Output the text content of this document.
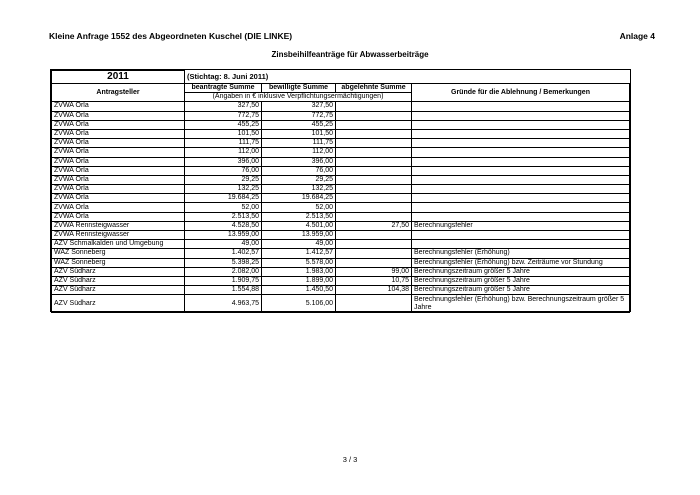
Kleine Anfrage 1552 des Abgeordneten Kuschel (DIE LINKE)	Anlage 4
Zinsbeihilfeanträge für Abwasserbeiträge
2011	(Stichtag: 8. Juni 2011)			
Antragsteller	beantragte Summe	bewilligte Summe	abgelehnte Summe	Gründe für die Ablehnung / Bemerkungen
	(Angaben in € inklusive Verpflichtungsermächtigungen)			
ZVWA Orla	327,50	327,50		
ZVWA Orla	772,75	772,75		
ZVWA Orla	455,25	455,25		
ZVWA Orla	101,50	101,50		
ZVWA Orla	111,75	111,75		
ZVWA Orla	112,00	112,00		
ZVWA Orla	396,00	396,00		
ZVWA Orla	76,00	76,00		
ZVWA Orla	29,25	29,25		
ZVWA Orla	132,25	132,25		
ZVWA Orla	19.684,25	19.684,25		
ZVWA Orla	52,00	52,00		
ZVWA Orla	2.513,50	2.513,50		
ZVWA Rennsteigwasser	4.528,50	4.501,00	27,50	Berechnungsfehler
ZVWA Rennsteigwasser	13.959,00	13.959,00		
AZV Schmalkalden und Umgebung	49,00	49,00		
WAZ Sonneberg	1.402,57	1.412,57		Berechnungsfehler (Erhöhung)
WAZ Sonneberg	5.398,25	5.578,00		Berechnungsfehler (Erhöhung) bzw. Zeiträume vor Stundung
AZV Südharz	2.082,00	1.983,00	99,00	Berechnungszeitraum größer 5 Jahre
AZV Südharz	1.909,75	1.899,00	10,75	Berechnungszeitraum größer 5 Jahre
AZV Südharz	1.554,88	1.450,50	104,38	Berechnungszeitraum größer 5 Jahre
AZV Südharz	4.963,75	5.106,00		Berechnungsfehler (Erhöhung) bzw. Berechnungszeitraum größer 5 Jahre
3 / 3
